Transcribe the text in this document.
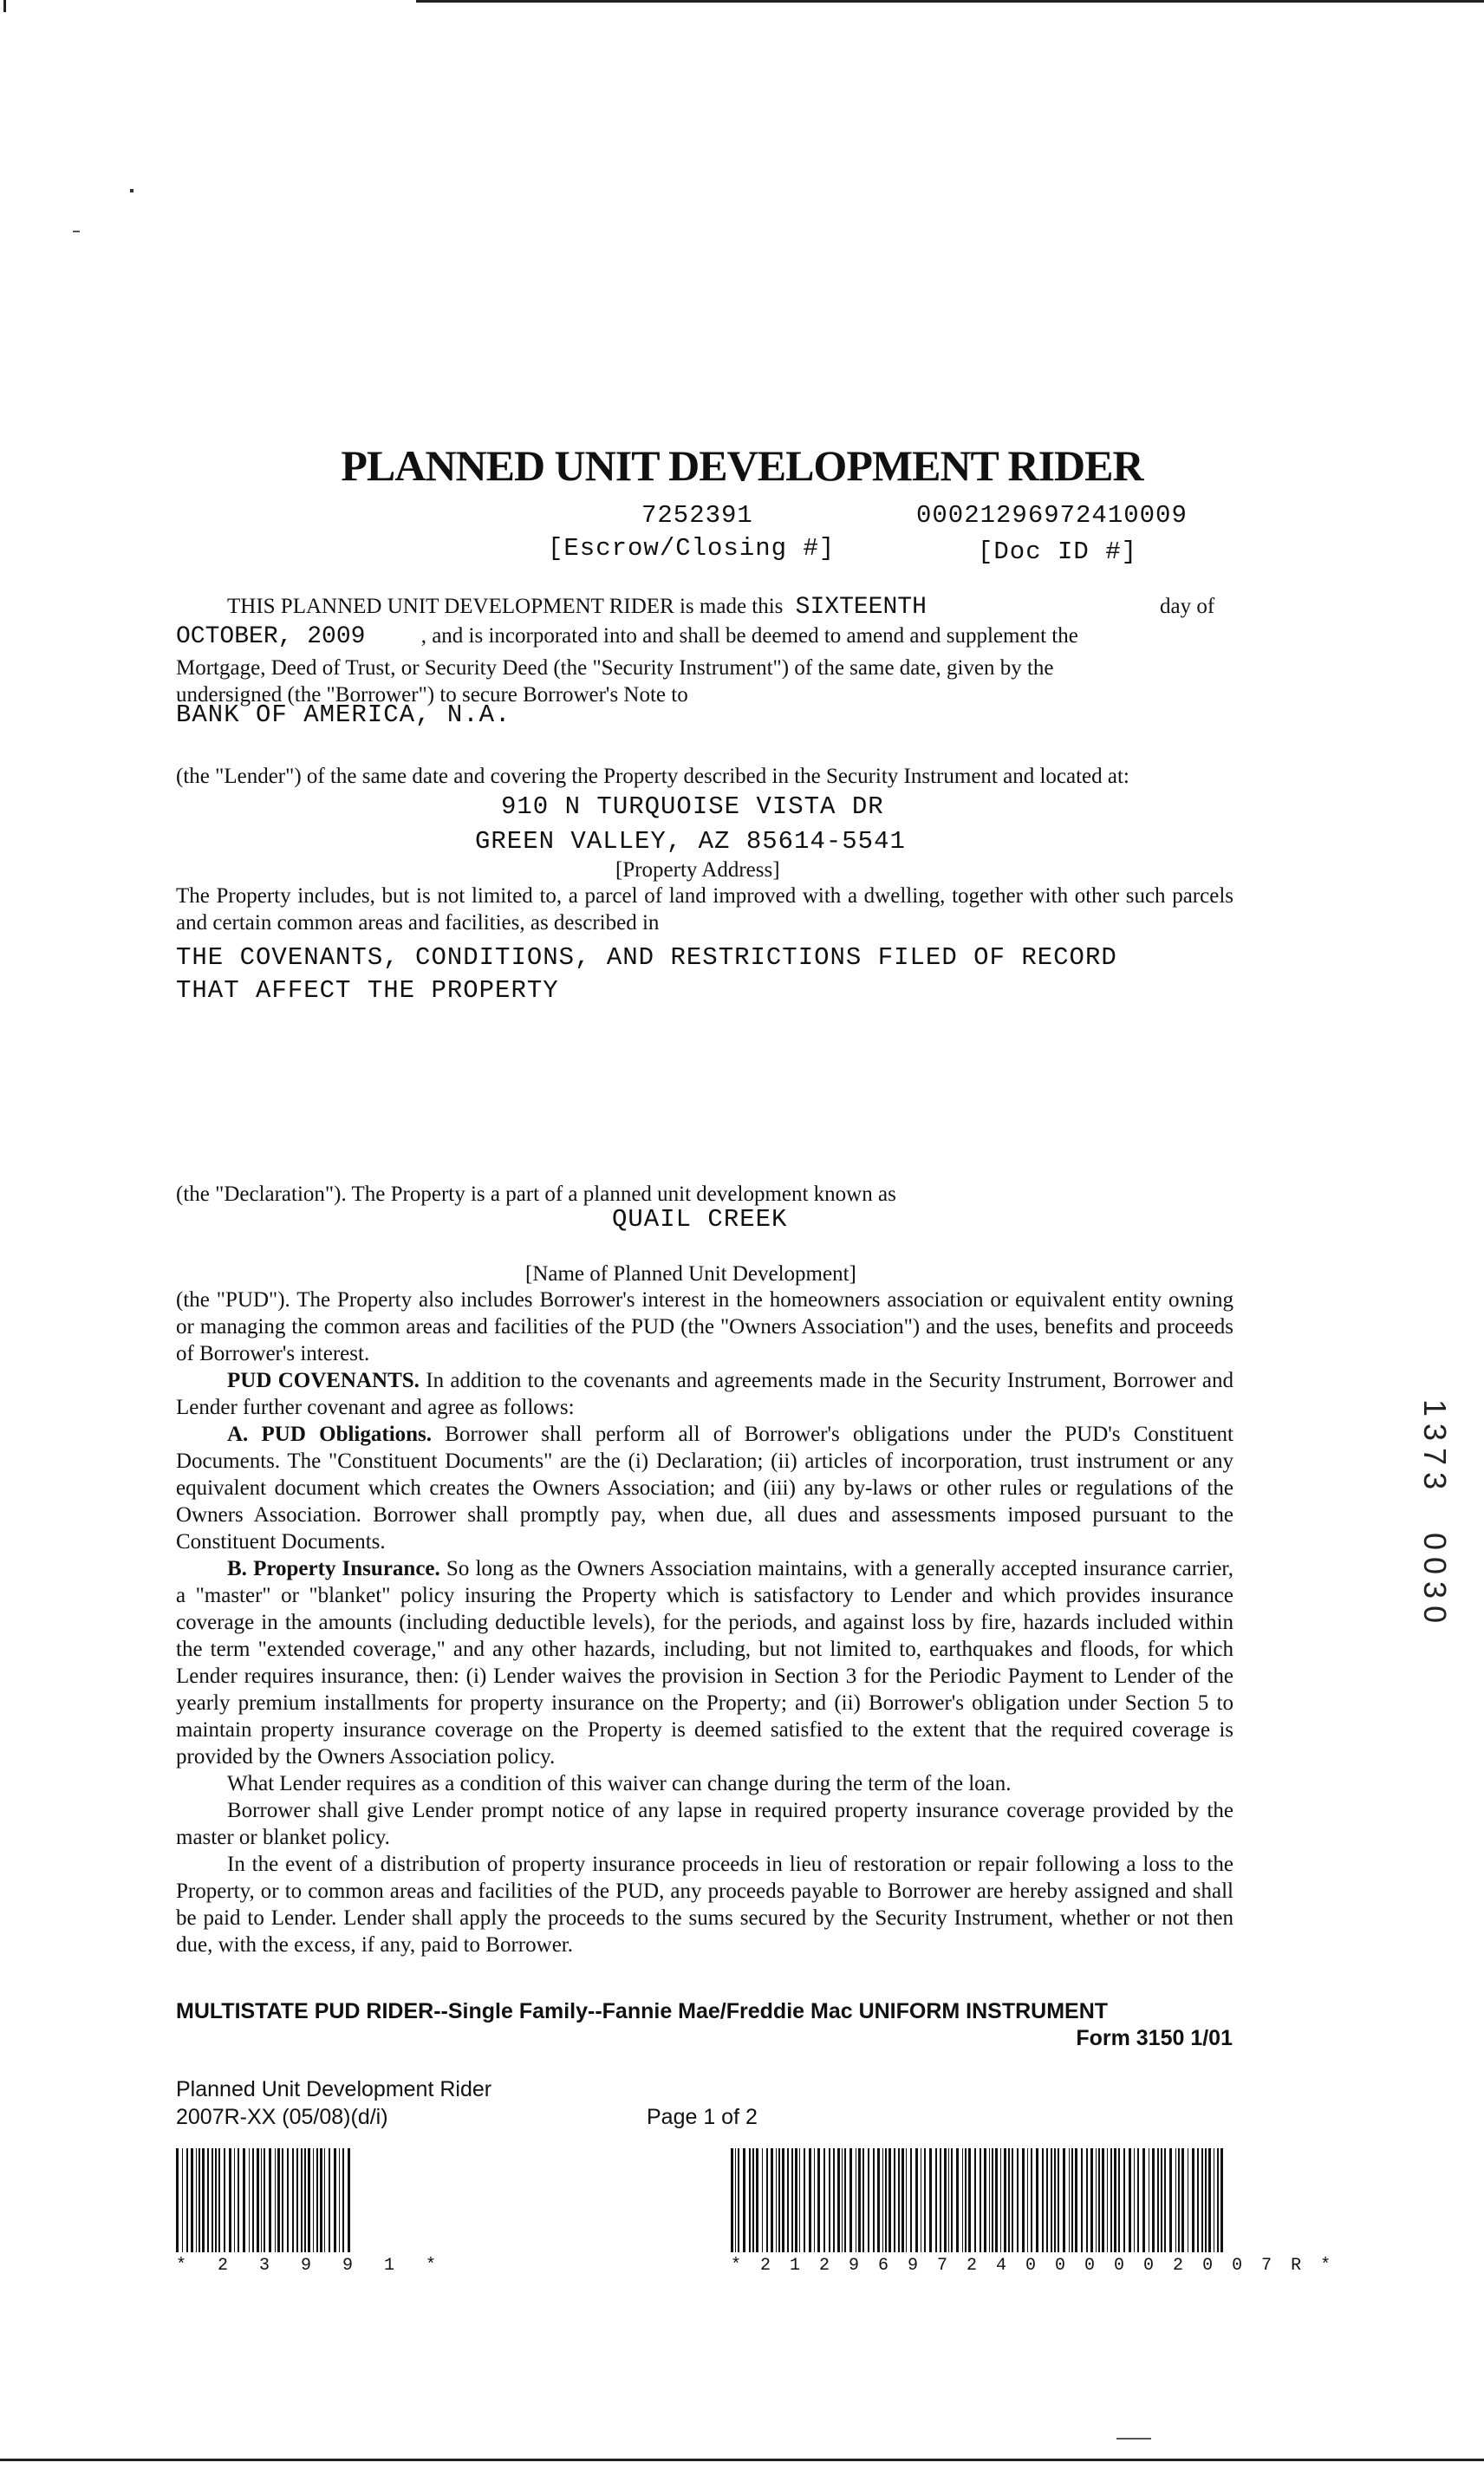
PLANNED UNIT DEVELOPMENT RIDER
7252391	00021296972410009
[Escrow/Closing #]	[Doc ID #]
THIS PLANNED UNIT DEVELOPMENT RIDER is made this SIXTEENTH	day of
OCTOBER, 2009	, and is incorporated into and shall be deemed to amend and supplement the
Mortgage, Deed of Trust, or Security Deed (the "Security Instrument") of the same date, given by the
undersigned (the "Borrower") to secure Borrower's Note to
BANK OF AMERICA, N.A.
(the "Lender") of the same date and covering the Property described in the Security Instrument and located at:
910 N TURQUOISE VISTA DR
GREEN VALLEY, AZ 85614-5541
[Property Address]
The Property includes, but is not limited to, a parcel of land improved with a dwelling, together with other such parcels and certain common areas and facilities, as described in
THE COVENANTS, CONDITIONS, AND RESTRICTIONS FILED OF RECORD
THAT AFFECT THE PROPERTY
(the "Declaration"). The Property is a part of a planned unit development known as
QUAIL CREEK
[Name of Planned Unit Development]
(the "PUD"). The Property also includes Borrower's interest in the homeowners association or equivalent entity owning or managing the common areas and facilities of the PUD (the "Owners Association") and the uses, benefits and proceeds of Borrower's interest.
PUD COVENANTS. In addition to the covenants and agreements made in the Security Instrument, Borrower and Lender further covenant and agree as follows:
A. PUD Obligations. Borrower shall perform all of Borrower's obligations under the PUD's Constituent Documents. The "Constituent Documents" are the (i) Declaration; (ii) articles of incorporation, trust instrument or any equivalent document which creates the Owners Association; and (iii) any by-laws or other rules or regulations of the Owners Association. Borrower shall promptly pay, when due, all dues and assessments imposed pursuant to the Constituent Documents.
B. Property Insurance. So long as the Owners Association maintains, with a generally accepted insurance carrier, a "master" or "blanket" policy insuring the Property which is satisfactory to Lender and which provides insurance coverage in the amounts (including deductible levels), for the periods, and against loss by fire, hazards included within the term "extended coverage," and any other hazards, including, but not limited to, earthquakes and floods, for which Lender requires insurance, then: (i) Lender waives the provision in Section 3 for the Periodic Payment to Lender of the yearly premium installments for property insurance on the Property; and (ii) Borrower's obligation under Section 5 to maintain property insurance coverage on the Property is deemed satisfied to the extent that the required coverage is provided by the Owners Association policy.
What Lender requires as a condition of this waiver can change during the term of the loan.
Borrower shall give Lender prompt notice of any lapse in required property insurance coverage provided by the master or blanket policy.
In the event of a distribution of property insurance proceeds in lieu of restoration or repair following a loss to the Property, or to common areas and facilities of the PUD, any proceeds payable to Borrower are hereby assigned and shall be paid to Lender. Lender shall apply the proceeds to the sums secured by the Security Instrument, whether or not then due, with the excess, if any, paid to Borrower.
MULTISTATE PUD RIDER--Single Family--Fannie Mae/Freddie Mac UNIFORM INSTRUMENT
Form 3150 1/01
Planned Unit Development Rider
2007R-XX (05/08)(d/i)	Page 1 of 2
* 2 3 9 9 1 *	* 2 1 2 9 6 9 7 2 4 0 0 0 0 0 2 0 0 7 R *
1373
0030
